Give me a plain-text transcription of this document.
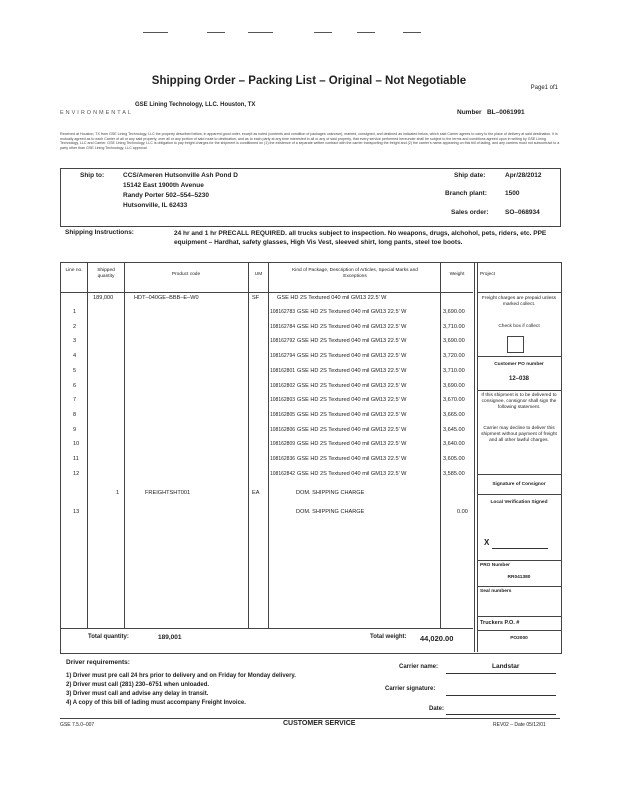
Shipping Order – Packing List – Original – Not Negotiable
Page1 of1
GSE Lining Technology, LLC. Houston, TX
ENVIRONMENTAL	Number BL–0061991
Received at Houston, TX from GSE Lining Technology, LLC the property described below, in apparent good order, except as noted (contents and condition of packages unknown), marked, consigned, and destined as indicated below, which said Carrier agrees to carry to the place of delivery at said destination. It is mutually agreed as to each Carrier of all or any said property, over all or any portion of said route to destination, and as to each party at any time interested in all or any of said property, that every service performed hereunder shall be subject to the terms and conditions agreed upon in writing by GSE Lining Technology, LLC and Carrier. GSE Lining Technology, LLC is obligation to pay freight charges for the shipment is conditioned on (1) the existence of a separate written contract with the carrier transporting the freight and (2) the carrier's name appearing on this bill of lading, and any carriers must not subcontract to a party other than GSE Lining Technology, LLC approval.
Ship to:	CCS/Ameren Hutsonville Ash Pond D
15142 East 1900th Avenue
Randy Porter 502–554–5230
Hutsonville, IL 62433
Ship date:	Apr/28/2012
Branch plant:	1500
Sales order:	SO–068934
Shipping Instructions:	24 hr and 1 hr PRECALL REQUIRED. all trucks subject to inspection. No weapons, drugs, alchohol, pets, riders, etc. PPE equipment – Hardhat, safety glasses, High Vis Vest, sleeved shirt, long pants, steel toe boots.
Line no.	Shipped quantity	Product code	UM
Kind of Package, Description of Articles, Special Marks and Exceptions	Weight	Project
189,000	HDT–040GE–BBB–E–W0	SF	GSE HD 2S Textured 040 mil GM13 22.5' W
1	108162783 GSE HD 2S Textured 040 mil GM13 22.5' W	3,690.00
2	108162784 GSE HD 2S Textured 040 mil GM13 22.5' W	3,710.00
3	108162792 GSE HD 2S Textured 040 mil GM13 22.5' W	3,690.00
4	108162794 GSE HD 2S Textured 040 mil GM13 22.5' W	3,720.00
5	108162801 GSE HD 2S Textured 040 mil GM13 22.5' W	3,710.00
6	108162802 GSE HD 2S Textured 040 mil GM13 22.5' W	3,690.00
7	108162803 GSE HD 2S Textured 040 mil GM13 22.5' W	3,670.00
8	108162805 GSE HD 2S Textured 040 mil GM13 22.5' W	3,665.00
9	108162806 GSE HD 2S Textured 040 mil GM13 22.5' W	3,645.00
10	108162809 GSE HD 2S Textured 040 mil GM13 22.5' W	3,640.00
11	108162836 GSE HD 2S Textured 040 mil GM13 22.5' W	3,605.00
12	108162842 GSE HD 2S Textured 040 mil GM13 22.5' W	3,585.00
1	FREIGHTSHT001	EA	DOM. SHIPPING CHARGE
13	DOM. SHIPPING CHARGE	0.00
Freight charges are prepaid unless marked collect.
Check box if collect
Customer PO number
12–038
If this shipment is to be delivered to consignee, consignor shall sign the following statement.
Carrier may decline to deliver this shipment without payment of freight and all other lawful charges.
Signature of Consignor
Local Verification Signed
X
PRO Number
RR041380
Seal numbers
Truckers P.O. #
PO2000
Total quantity:	189,001	Total weight: 44,020.00
Driver requirements:
1) Driver must pre call 24 hrs prior to delivery and on Friday for Monday delivery.
2) Driver must call (281) 230–6751 when unloaded.
3) Driver must call and advise any delay in transit.
4) A copy of this bill of lading must accompany Freight Invoice.
Carrier name:	Landstar
Carrier signature:
Date:
GSE 7.5.0–007	CUSTOMER SERVICE	REV02 – Date 05/12/01
